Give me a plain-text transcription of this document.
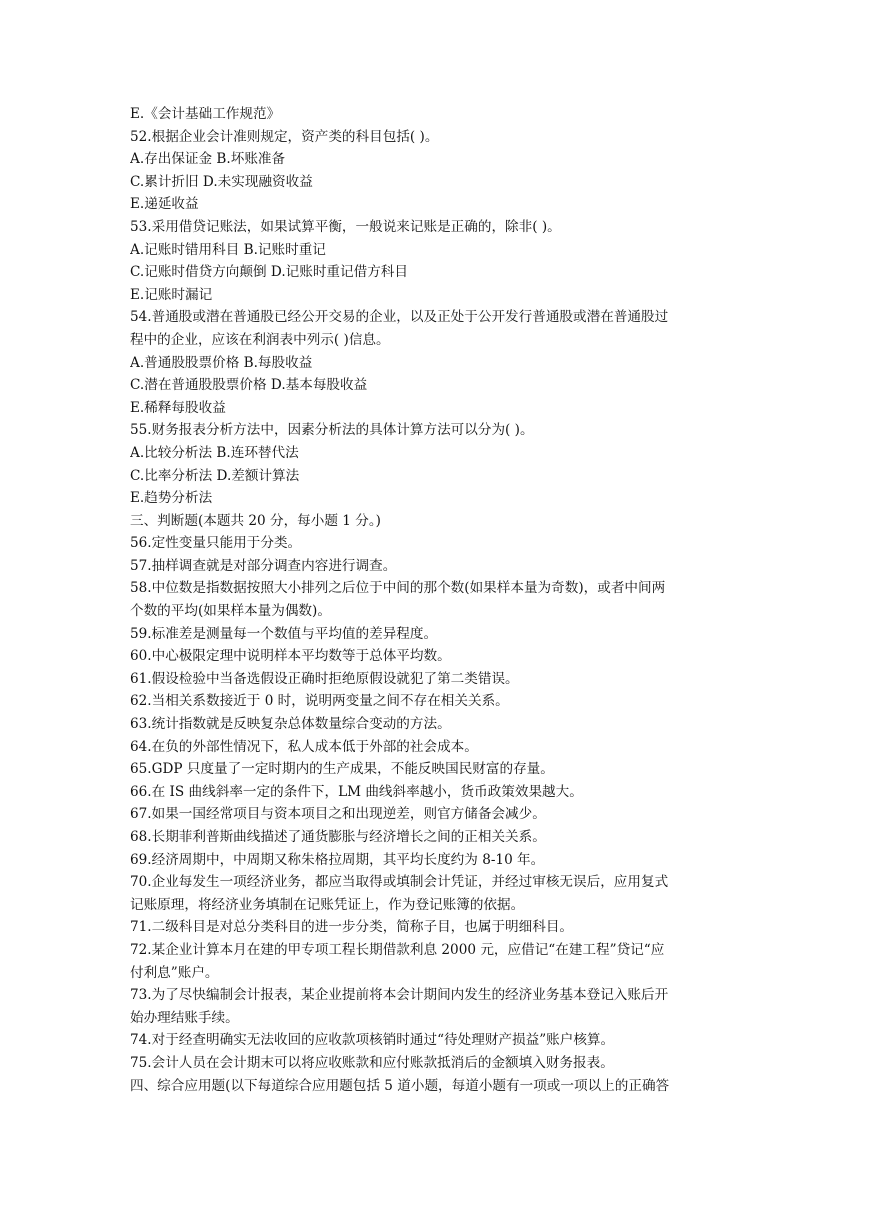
E.《会计基础工作规范》
52.根据企业会计准则规定，资产类的科目包括( )。
A.存出保证金 B.坏账准备
C.累计折旧 D.未实现融资收益
E.递延收益
53.采用借贷记账法，如果试算平衡，一般说来记账是正确的，除非( )。
A.记账时错用科目 B.记账时重记
C.记账时借贷方向颠倒 D.记账时重记借方科目
E.记账时漏记
54.普通股或潜在普通股已经公开交易的企业，以及正处于公开发行普通股或潜在普通股过
程中的企业，应该在利润表中列示( )信息。
A.普通股股票价格 B.每股收益
C.潜在普通股股票价格 D.基本每股收益
E.稀释每股收益
55.财务报表分析方法中，因素分析法的具体计算方法可以分为( )。
A.比较分析法 B.连环替代法
C.比率分析法 D.差额计算法
E.趋势分析法
三、判断题(本题共 20 分，每小题 1 分。)
56.定性变量只能用于分类。
57.抽样调查就是对部分调查内容进行调查。
58.中位数是指数据按照大小排列之后位于中间的那个数(如果样本量为奇数)，或者中间两
个数的平均(如果样本量为偶数)。
59.标准差是测量每一个数值与平均值的差异程度。
60.中心极限定理中说明样本平均数等于总体平均数。
61.假设检验中当备选假设正确时拒绝原假设就犯了第二类错误。
62.当相关系数接近于 0 时，说明两变量之间不存在相关关系。
63.统计指数就是反映复杂总体数量综合变动的方法。
64.在负的外部性情况下，私人成本低于外部的社会成本。
65.GDP 只度量了一定时期内的生产成果，不能反映国民财富的存量。
66.在 IS 曲线斜率一定的条件下，LM 曲线斜率越小，货币政策效果越大。
67.如果一国经常项目与资本项目之和出现逆差，则官方储备会减少。
68.长期菲利普斯曲线描述了通货膨胀与经济增长之间的正相关关系。
69.经济周期中，中周期又称朱格拉周期，其平均长度约为 8-10 年。
70.企业每发生一项经济业务，都应当取得或填制会计凭证，并经过审核无误后，应用复式
记账原理，将经济业务填制在记账凭证上，作为登记账簿的依据。
71.二级科目是对总分类科目的进一步分类，简称子目，也属于明细科目。
72.某企业计算本月在建的甲专项工程长期借款利息 2000 元，应借记“在建工程”贷记“应
付利息”账户。
73.为了尽快编制会计报表，某企业提前将本会计期间内发生的经济业务基本登记入账后开
始办理结账手续。
74.对于经查明确实无法收回的应收款项核销时通过“待处理财产损益”账户核算。
75.会计人员在会计期末可以将应收账款和应付账款抵消后的金额填入财务报表。
四、综合应用题(以下每道综合应用题包括 5 道小题，每道小题有一项或一项以上的正确答
